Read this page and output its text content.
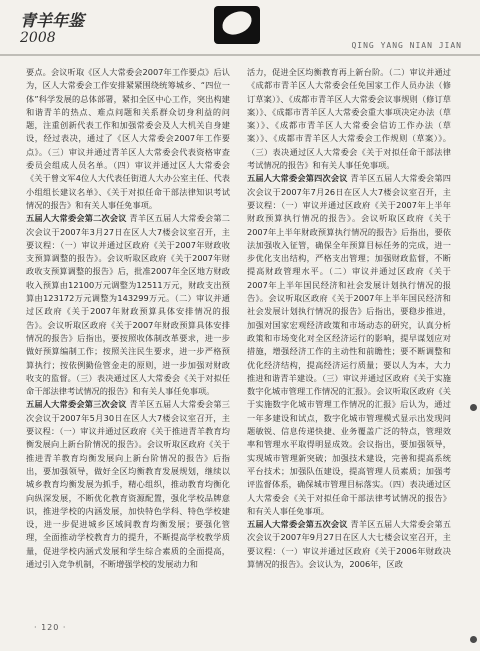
青羊年鉴
2008	QING YANG NIAN JIAN

要点。会议听取《区人大常委会2007年工作要点》后认为，区人大常委会工作安排紧紧围绕统筹城乡、“四位一体”科学发展的总体部署，紧扣全区中心工作，突出构建和谐青羊的热点、难点问题和关系群众切身利益的问题，注重创新代表工作和加强常委会及人大机关自身建设，经过表决，通过了《区人大常委会2007年工作要点》。（三）审议并通过青羊区人大常委会代表资格审查委员会组成人员名单。（四）审议并通过区人大常委会《关于曾文军4位人大代表任街道人大办公室主任、代表小组组长建议名单》、《关于对拟任命干部法律知识考试情况的报告》和有关人事任免事项。

五届人大常委会第二次会议 青羊区五届人大常委会第二次会议于2007年3月27日在区人大7楼会议室召开，主要议程：（一）审议并通过区政府《关于2007年财政收支预算调整的报告》。会议听取区政府《关于2007年财政收支预算调整的报告》后，批准2007年全区地方财政收入预算由12100万元调整为12511万元，财政支出预算由123172万元调整为143299万元。（二）审议并通过区政府《关于2007年财政预算具体安排情况的报告》。会议听取区政府《关于2007年财政预算具体安排情况的报告》后指出，要按照收体制改革要求，进一步做好预算编制工作；按照关注民生要求，进一步严格预算执行；按依例勤俭管金走的原则，进一步加强对财政收支的监督。（三）表决通过区人大常委会《关于对拟任命干部法律考试情况的报告》和有关人事任免事项。

五届人大常委会第三次会议 青羊区五届人大常委会第三次会议于2007年5月30日在区人大7楼会议室召开，主要议程：（一）审议并通过区政府《关于推进青羊教育均衡发展向上新台阶情况的报告》。会议听取区政府《关于推进青羊教育均衡发展向上新台阶情况的报告》后指出，要加强领导，做好全区均衡教育发展规划，继续以城乡教育均衡发展为抓手，精心组织，推动教育均衡化向纵深发展，不断优化教育资源配置，强化学校品牌意识，推进学校的内涵发展，加快特色学科、特色学校建设，进一步促进城乡区域间教育均衡发展；要强化管理，全面推动学校教育力的提升，不断提高学校教学质量，促进学校内涵式发展和学生综合素质的全面提高，通过引入竞争机制，不断增强学校的发展动力和

活力，促进全区均衡教育再上新台阶。（二）审议并通过《成都市青羊区人大常委会任免国家工作人员办法（修订草案）》、《成都市青羊区人大常委会议事规则（修订草案）》、《成都市青羊区人大常委会重大事项决定办法（草案）》、《成都市青羊区人大常委会信访工作办法（草案）》、《成都市青羊区人大常委会工作规则（草案）》。（三）表决通过区人大常委会《关于对拟任命干部法律考试情况的报告》和有关人事任免事项。

五届人大常委会第四次会议 青羊区五届人大常委会第四次会议于2007年7月26日在区人大7楼会议室召开，主要议程：（一）审议并通过区政府《关于2007年上半年财政预算执行情况的报告》。会议听取区政府《关于2007年上半年财政预算执行情况的报告》后指出，要依法加强收入征管，确保全年预算目标任务的完成，进一步优化支出结构，严格支出管理；加强财政监督，不断提高财政管理水平。（二）审议并通过区政府《关于2007年上半年国民经济和社会发展计划执行情况的报告》。会议听取区政府《关于2007年上半年国民经济和社会发展计划执行情况的报告》后指出，要稳步推进，加强对国家宏观经济政策和市场动态的研究，认真分析政策和市场变化对全区经济运行的影响，提早谋划应对措施，增强经济工作的主动性和前瞻性；要不断调整和优化经济结构，提高经济运行质量；要以人为本，大力推进和谐青羊建设。（三）审议并通过区政府《关于实施数字化城市管理工作情况的汇报》。会议听取区政府《关于实施数字化城市管理工作情况的汇报》后认为，通过一年多建设和试点，数字化城市管理模式显示出发现问题敏锐、信息传递快捷、业务覆盖广泛的特点，管理效率和管理水平取得明显成效。会议指出，要加强领导，实现城市管理新突破；加强技术建设，完善和提高系统平台技术；加强队伍建设，提高管理人员素质；加强考评监督体系，确保城市管理目标落实。（四）表决通过区人大常委会《关于对拟任命干部法律考试情况的报告》和有关人事任免事项。

五届人大常委会第五次会议 青羊区五届人大常委会第五次会议于2007年9月27日在区人大七楼会议室召开，主要议程：（一）审议并通过区政府《关于2006年财政决算情况的报告》。会议认为，2006年，区政

· 120 ·
